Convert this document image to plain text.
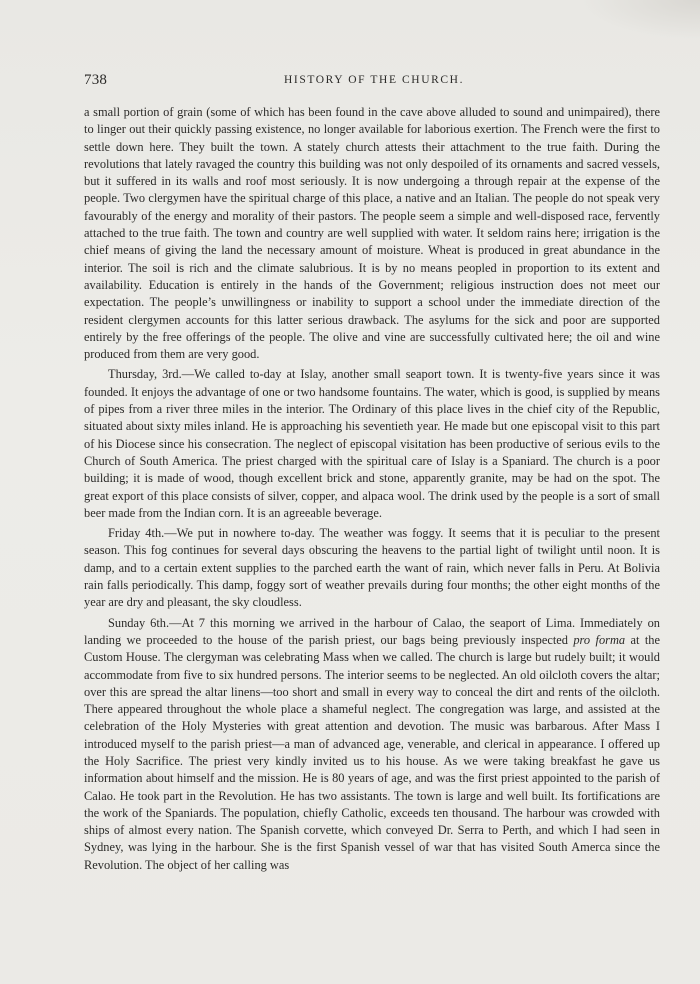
738	HISTORY OF THE CHURCH.

a small portion of grain (some of which has been found in the cave above alluded to sound and unimpaired), there to linger out their quickly passing existence, no longer available for laborious exertion. The French were the first to settle down here. They built the town. A stately church attests their attachment to the true faith. During the revolutions that lately ravaged the country this building was not only despoiled of its ornaments and sacred vessels, but it suffered in its walls and roof most seriously. It is now undergoing a through repair at the expense of the people. Two clergymen have the spiritual charge of this place, a native and an Italian. The people do not speak very favourably of the energy and morality of their pastors. The people seem a simple and well-disposed race, fervently attached to the true faith. The town and country are well supplied with water. It seldom rains here; irrigation is the chief means of giving the land the necessary amount of moisture. Wheat is produced in great abundance in the interior. The soil is rich and the climate salubrious. It is by no means peopled in proportion to its extent and availability. Education is entirely in the hands of the Government; religious instruction does not meet our expectation. The people’s unwillingness or inability to support a school under the immediate direction of the resident clergymen accounts for this latter serious drawback. The asylums for the sick and poor are supported entirely by the free offerings of the people. The olive and vine are successfully cultivated here; the oil and wine produced from them are very good.

Thursday, 3rd.—We called to-day at Islay, another small seaport town. It is twenty-five years since it was founded. It enjoys the advantage of one or two handsome fountains. The water, which is good, is supplied by means of pipes from a river three miles in the interior. The Ordinary of this place lives in the chief city of the Republic, situated about sixty miles inland. He is approaching his seventieth year. He made but one episcopal visit to this part of his Diocese since his consecration. The neglect of episcopal visitation has been productive of serious evils to the Church of South America. The priest charged with the spiritual care of Islay is a Spaniard. The church is a poor building; it is made of wood, though excellent brick and stone, apparently granite, may be had on the spot. The great export of this place consists of silver, copper, and alpaca wool. The drink used by the people is a sort of small beer made from the Indian corn. It is an agreeable beverage.

Friday 4th.—We put in nowhere to-day. The weather was foggy. It seems that it is peculiar to the present season. This fog continues for several days obscuring the heavens to the partial light of twilight until noon. It is damp, and to a certain extent supplies to the parched earth the want of rain, which never falls in Peru. At Bolivia rain falls periodically. This damp, foggy sort of weather prevails during four months; the other eight months of the year are dry and pleasant, the sky cloudless.

Sunday 6th.—At 7 this morning we arrived in the harbour of Calao, the seaport of Lima. Immediately on landing we proceeded to the house of the parish priest, our bags being previously inspected pro forma at the Custom House. The clergyman was celebrating Mass when we called. The church is large but rudely built; it would accommodate from five to six hundred persons. The interior seems to be neglected. An old oilcloth covers the altar; over this are spread the altar linens—too short and small in every way to conceal the dirt and rents of the oilcloth. There appeared throughout the whole place a shameful neglect. The congregation was large, and assisted at the celebration of the Holy Mysteries with great attention and devotion. The music was barbarous. After Mass I introduced myself to the parish priest—a man of advanced age, venerable, and clerical in appearance. I offered up the Holy Sacrifice. The priest very kindly invited us to his house. As we were taking breakfast he gave us information about himself and the mission. He is 80 years of age, and was the first priest appointed to the parish of Calao. He took part in the Revolution. He has two assistants. The town is large and well built. Its fortifications are the work of the Spaniards. The population, chiefly Catholic, exceeds ten thousand. The harbour was crowded with ships of almost every nation. The Spanish corvette, which conveyed Dr. Serra to Perth, and which I had seen in Sydney, was lying in the harbour. She is the first Spanish vessel of war that has visited South Amerca since the Revolution. The object of her calling was
